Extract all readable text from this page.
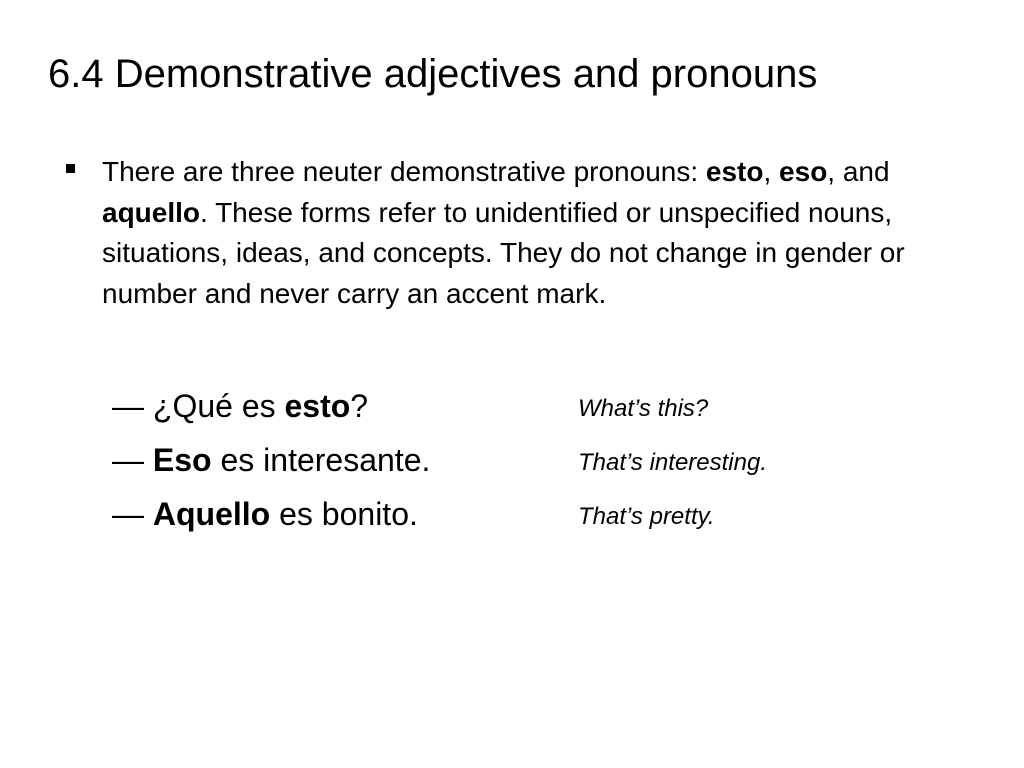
6.4 Demonstrative adjectives and pronouns
There are three neuter demonstrative pronouns: esto, eso, and aquello. These forms refer to unidentified or unspecified nouns, situations, ideas, and concepts. They do not change in gender or number and never carry an accent mark.
— ¿Qué es esto?	What’s this?
— Eso es interesante.	That’s interesting.
— Aquello es bonito.	That’s pretty.
